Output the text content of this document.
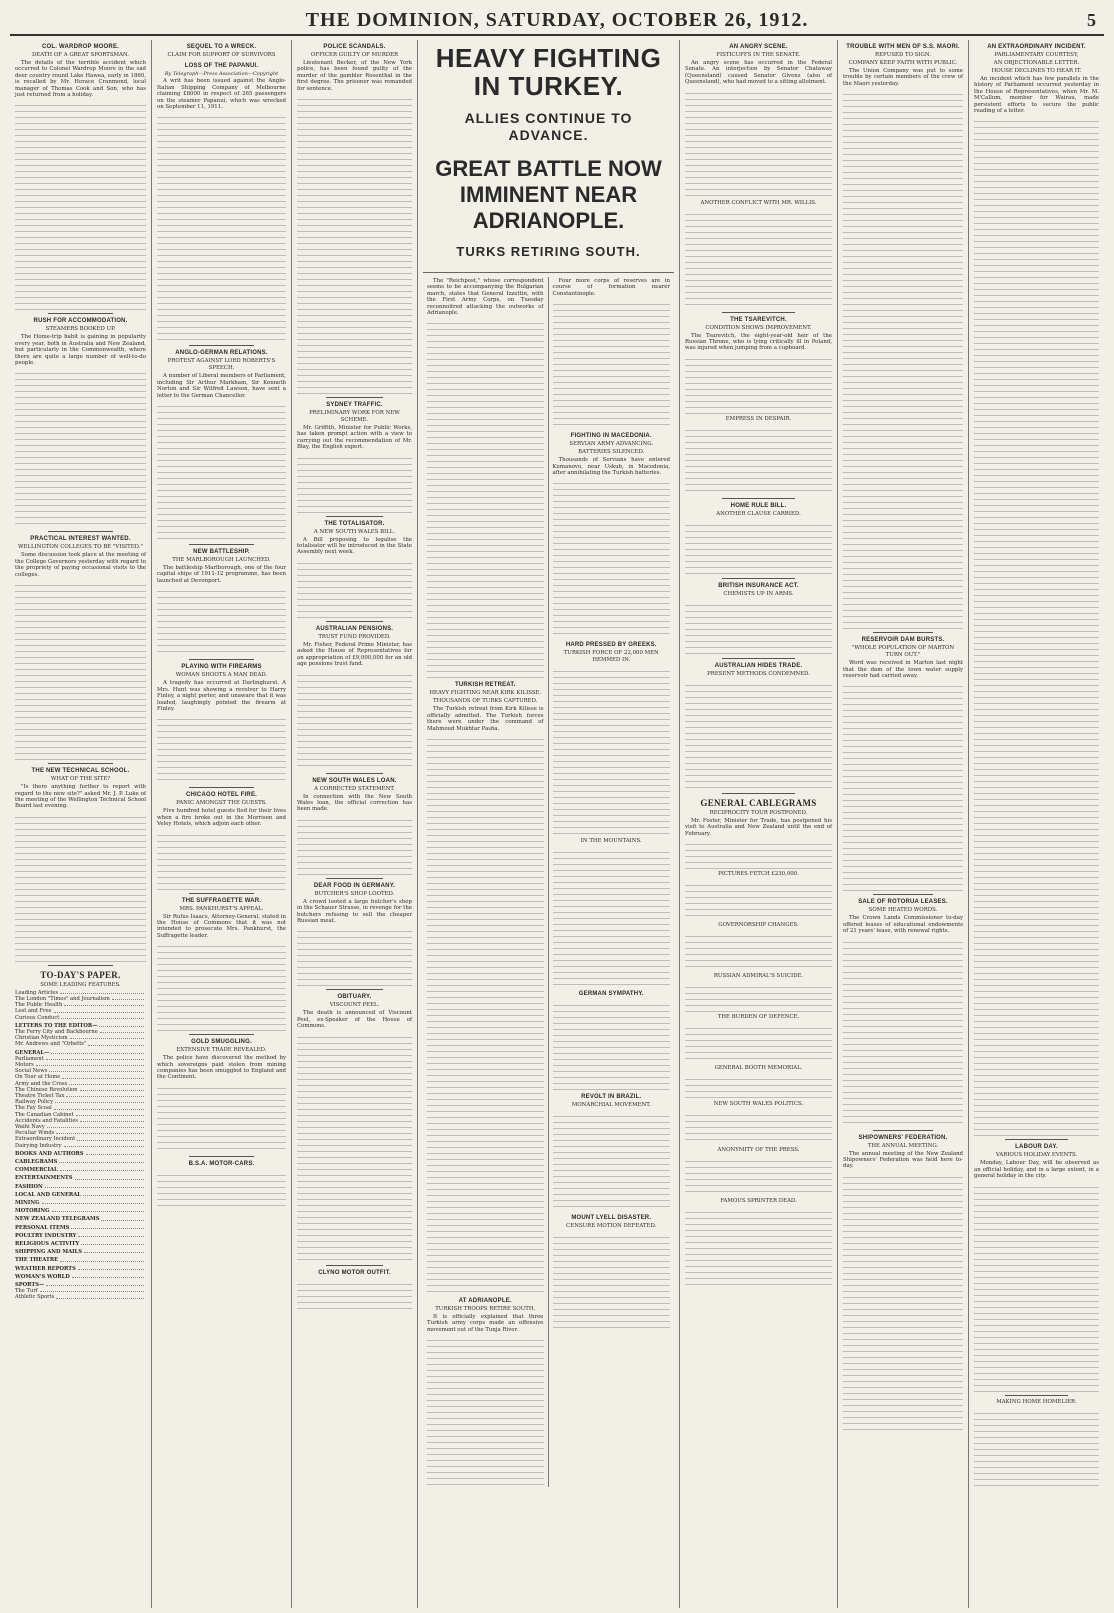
THE DOMINION, SATURDAY, OCTOBER 26, 1912.	5
COL. WARDROP MOORE.
DEATH OF A GREAT SPORTSMAN.

The details of the terrible accident which occurred to Colonel Wardrop Moore in the sad deer country round Lake Hawea, early in 1860, is recalled by Mr. Horace Cranmond, local manager of Thomas Cook and Son, who has just returned from a holiday.

RUSH FOR ACCOMMODATION.
STEAMERS BOOKED UP.

The Home-trip habit is gaining in popularity every year, both in Australia and New Zealand, but particularly in the Commonwealth, where there are quite a large number of well-to-do people.

PRACTICAL INTEREST WANTED.
WELLINGTON COLLEGES TO BE "VISITED."

Some discussion took place at the meeting of the College Governors yesterday with regard to the propriety of paying occasional visits to the colleges.

THE NEW TECHNICAL SCHOOL.
WHAT OF THE SITE?

"Is there anything further to report with regard to the new site?" asked Mr. J. P. Luke of the meeting of the Wellington Technical School Board last evening.

TO-DAY'S PAPER.
SOME LEADING FEATURES.
Leading Articles
The London "Times" and Journalism
The Public Health
Lost and Free
Curious Conduct
LETTERS TO THE EDITOR—
The Ferry City and Backbourne
Christian Mysticism
Mr. Andrews and "Orbetts"
GENERAL—
Parliament
Motors
Social News
On Tour at Home
Army and the Cross
The Chinese Revolution
Theatre Ticket Tax
Railway Policy
The Fay Scoal
The Canadian Cabinet
Accidents and Fatalities
Waihi Navy
Peculiar Winds
Extraordinary Incident
Dairying Industry
BOOKS AND AUTHORS
CABLEGRAMS
COMMERCIAL
ENTERTAINMENTS
FASHION
LOCAL AND GENERAL
MINING
MOTORING
NEW ZEALAND TELEGRAMS
PERSONAL ITEMS
POULTRY INDUSTRY
RELIGIOUS ACTIVITY
SHIPPING AND MAILS
THE THEATRE
WEATHER REPORTS
WOMAN'S WORLD
SPORTS—
The Turf
Athletic Sports
SEQUEL TO A WRECK.
CLAIM FOR SUPPORT OF SURVIVORS
LOSS OF THE PAPANUI.

By Telegraph—Press Association—Copyright

A writ has been issued against the Anglo-Italian Shipping Company of Melbourne claiming £8000 in respect of 265 passengers on the steamer Papanui, which was wrecked on September 11, 1911.

ANGLO-GERMAN RELATIONS.
PROTEST AGAINST LORD ROBERTS'S SPEECH.

A number of Liberal members of Parliament, including Sir Arthur Markham, Sir Kenneth Norton and Sir Wilfred Lawson, have sent a letter to the German Chancellor.

NEW BATTLESHIP.
THE MARLBOROUGH LAUNCHED.

The battleship Marlborough, one of the four capital ships of 1911-12 programme, has been launched at Devonport.

PLAYING WITH FIREARMS
WOMAN SHOOTS A MAN DEAD.

A tragedy has occurred at Darlinghurst. A Mrs. Hunt was showing a revolver to Harry Finley, a night porter, and unaware that it was loaded, laughingly pointed the firearm at Finley.

CHICAGO HOTEL FIRE.
PANIC AMONGST THE GUESTS.

Five hundred hotel guests fled for their lives when a fire broke out in the Morrison and Veley Hotels, which adjoin each other.

THE SUFFRAGETTE WAR.
MRS. PANKHURST'S APPEAL.

Sir Rufus Isaacs, Attorney-General, stated in the House of Commons that it was not intended to prosecute Mrs. Pankhurst, the Suffragette leader.

GOLD SMUGGLING.
EXTENSIVE TRADE REVEALED.

The police have discovered the method by which sovereigns paid stolen from mining companies has been smuggled to England and the Continent.

B.S.A. MOTOR-CARS.
POLICE SCANDALS.
OFFICER GUILTY OF MURDER

Lieutenant Becker, of the New York police, has been found guilty of the murder of the gambler Rosenthal in the first degree. The prisoner was remanded for sentence.

SYDNEY TRAFFIC.
PRELIMINARY WORK FOR NEW SCHEME.

Mr. Griffith, Minister for Public Works, has taken prompt action with a view to carrying out the recommendation of Mr. Blay, the English expert.

THE TOTALISATOR.
A NEW SOUTH WALES BILL.

A Bill proposing to legalise the totalisator will be introduced in the State Assembly next week.

AUSTRALIAN PENSIONS.
TRUST FUND PROVIDED.

Mr. Fisher, Federal Prime Minister, has asked the House of Representatives for an appropriation of £9,000,000 for an old age pensions trust fund.

NEW SOUTH WALES LOAN.
A CORRECTED STATEMENT.

In connection with the New South Wales loan, the official correction has been made.

DEAR FOOD IN GERMANY.
BUTCHER'S SHOP LOOTED.

A crowd looted a large butcher's shop in the Schauer Strasse, in revenge for the butchers refusing to sell the cheaper Russian meat.

OBITUARY.
VISCOUNT PEEL.

The death is announced of Viscount Peel, ex-Speaker of the House of Commons.

CLYNO MOTOR OUTFIT.
HEAVY FIGHTING IN TURKEY.
ALLIES CONTINUE TO ADVANCE.
GREAT BATTLE NOW IMMINENT NEAR ADRIANOPLE.
TURKS RETIRING SOUTH.

The "Reichpost," whose correspondent seems to be accompanying the Bulgarian march, states that General Izzettin, with the First Army Corps, on Tuesday reconnoitred attacking the outworks of Adrianople.

TURKISH RETREAT.
HEAVY FIGHTING NEAR KIRK KILISSE.
THOUSANDS OF TURKS CAPTURED.

The Turkish retreat from Kirk Kilisse is officially admitted. The Turkish forces there were under the command of Mahmoud Mukhtar Pasha.

AT ADRIANOPLE.
TURKISH TROOPS RETIRE SOUTH.

It is officially explained that three Turkish army corps made an offensive movement out of the Tunja River.

Four more corps of reserves are in course of formation nearer Constantinople.

FIGHTING IN MACEDONIA.
SERVIAN ARMY ADVANCING.
BATTERIES SILENCED.

Thousands of Servians have entered Kumanovo, near Uskub, in Macedonia, after annihilating the Turkish batteries.

HARD PRESSED BY GREEKS.
TURKISH FORCE OF 22,000 MEN HEMMED IN.
IN THE MOUNTAINS.
GERMAN SYMPATHY.
REVOLT IN BRAZIL.
MONARCHIAL MOVEMENT.
MOUNT LYELL DISASTER.
CENSURE MOTION DEFEATED.
AN ANGRY SCENE.
FISTICUFFS IN THE SENATE.

An angry scene has occurred in the Federal Senate. An interjection by Senator Chataway (Queensland) caused Senator Givens (also of Queensland), who had moved to a sitting allotment.

ANOTHER CONFLICT WITH MR. WILLIS.
THE TSAREVITCH.
CONDITION SHOWS IMPROVEMENT.

The Tsarevitch, the eight-year-old heir of the Russian Throne, who is lying critically ill in Poland, was injured when jumping from a cupboard.

EMPRESS IN DESPAIR.
HOME RULE BILL.
ANOTHER CLAUSE CARRIED.
BRITISH INSURANCE ACT.
CHEMISTS UP IN ARMS.
AUSTRALIAN HIDES TRADE.
PRESENT METHODS CONDEMNED.
GENERAL CABLEGRAMS
RECIPROCITY TOUR POSTPONED.

Mr. Foster, Minister for Trade, has postponed his visit to Australia and New Zealand until the end of February.

PICTURES FETCH £230,000.
GOVERNORSHIP CHANGES.
RUSSIAN ADMIRAL'S SUICIDE.
THE BURDEN OF DEFENCE.
GENERAL BOOTH MEMORIAL.
NEW SOUTH WALES POLITICS.
ANONYMITY OF THE PRESS.
FAMOUS SPRINTER DEAD.
TROUBLE WITH MEN OF S.S. MAORI.
REFUSED TO SIGN.
COMPANY KEEP FAITH WITH PUBLIC.

The Union Company was put to some trouble by certain members of the crew of the Maori yesterday.

RESERVOIR DAM BURSTS.
"WHOLE POPULATION OF MARTON TURN OUT."

Word was received in Marton last night that the dam of the town water supply reservoir had carried away.

SALE OF ROTORUA LEASES.
SOME HEATED WORDS.

The Crown Lands Commissioner to-day offered leases of educational endowments of 21 years' lease, with renewal rights.

SHIPOWNERS' FEDERATION.
THE ANNUAL MEETING.

The annual meeting of the New Zealand Shipowners' Federation was held here to-day.

AN EXTRAORDINARY INCIDENT.
PARLIAMENTARY COURTESY,
AN OBJECTIONABLE LETTER.
HOUSE DECLINES TO HEAR IT.

An incident which has few parallels in the history of Parliament occurred yesterday in the House of Representatives, when Mr. M. M'Callum, member for Wairau, made persistent efforts to secure the public reading of a letter.

LABOUR DAY.
VARIOUS HOLIDAY EVENTS.

Monday, Labour Day, will be observed as an official holiday, and in a large extent, in a general holiday in the city.

MAKING HOME HOMELIER.
